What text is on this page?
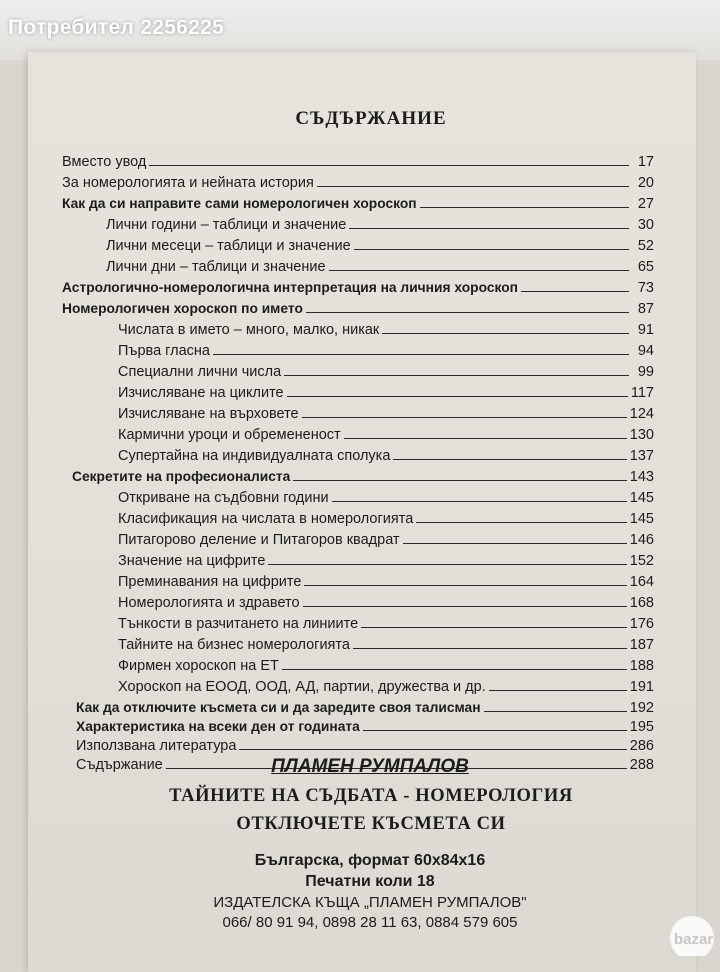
Потребител 2256225
СЪДЪРЖАНИЕ
Вместо увод	17
За номерологията и нейната история	20
Как да си направите сами номерологичен хороскоп	27
Лични години – таблици и значение	30
Лични месеци – таблици и значение	52
Лични дни – таблици и значение	65
Астрологично-номерологична интерпретация на личния хороскоп	73
Номерологичен хороскоп по името	87
Числата в името – много, малко, никак	91
Първа гласна	94
Специални лични числа	99
Изчисляване на циклите	117
Изчисляване на върховете	124
Кармични уроци и обремененост	130
Супертайна на индивидуалната сполука	137
Секретите на професионалиста	143
Откриване на съдбовни години	145
Класификация на числата в номерологията	145
Питагорово деление и Питагоров квадрат	146
Значение на цифрите	152
Преминавания на цифрите	164
Номерологията и здравето	168
Тънкости в разчитането на линиите	176
Тайните на бизнес номерологията	187
Фирмен хороскоп на ЕТ	188
Хороскоп на ЕООД, ООД, АД, партии, дружества и др.	191
Как да отключите късмета си и да заредите своя талисман	192
Характеристика на всеки ден от годината	195
Използвана литература	286
Съдържание	288
ПЛАМЕН РУМПАЛОВ
ТАЙНИТЕ НА СЪДБАТА - НОМЕРОЛОГИЯ
ОТКЛЮЧЕТЕ КЪСМЕТА СИ
Българска, формат 60х84х16
Печатни коли 18
ИЗДАТЕЛСКА КЪЩА „ПЛАМЕН РУМПАЛОВ"
066/ 80 91 94, 0898 28 11 63, 0884 579 605
bazar
